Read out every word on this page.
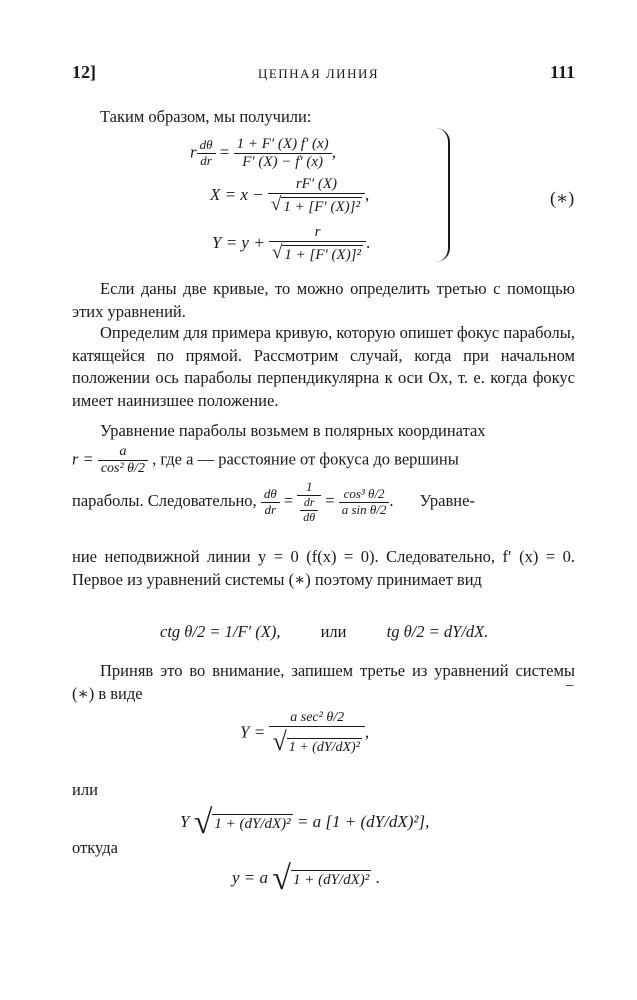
12]	ЦЕПНАЯ ЛИНИЯ	111
Таким образом, мы получили:
r $\frac{d\theta}{dr} = \frac{1 + F' (X) f' (x)}{F' (X) - f' (x)}$ ,
$X = x - \frac{rF' (X)}{\text{√ 1 + [F′ (X)]²}}$ ,
$Y = y + \frac{r}{\text{√ 1 + [F′ (X)]²}}$ .
(∗)
Если даны две кривые, то можно определить третью с помощью этих уравнений.
Определим для примера кривую, которую опишет фокус параболы, катящейся по прямой. Рассмотрим случай, когда при начальном положении ось параболы перпендикулярна к оси Ox, т. е. когда фокус имеет наинизшее положение.
Уравнение параболы возьмем в полярных координатах
$r = \frac{a}{\text{cos² θ/2}}$ , где a — расстояние от фокуса до вершины
параболы. Следовательно, $\frac{d\theta}{dr} = \frac{1}{\frac{dr}{d\theta}} = \frac{\text{cos³ θ/2}}{\text{a sin θ/2}}$ . Уравне-
ние неподвижной линии y = 0 (f(x) = 0). Следовательно, f′ (x) = 0. Первое из уравнений системы (∗) поэтому принимает вид
ctg θ/2 = 1/F′ (X), или tg θ/2 = dY/dX.
Приняв это во внимание, запишем третье из уравнений системы (∗) в виде	−
$Y = \frac{\text{a sec² θ/2}}{\text{√ 1 + (dY/dX)²}}$ ,
или
Y √ 1 + (dY/dX)² = a [1 + (dY/dX)²],
откуда
y = a √ 1 + (dY/dX)² .
